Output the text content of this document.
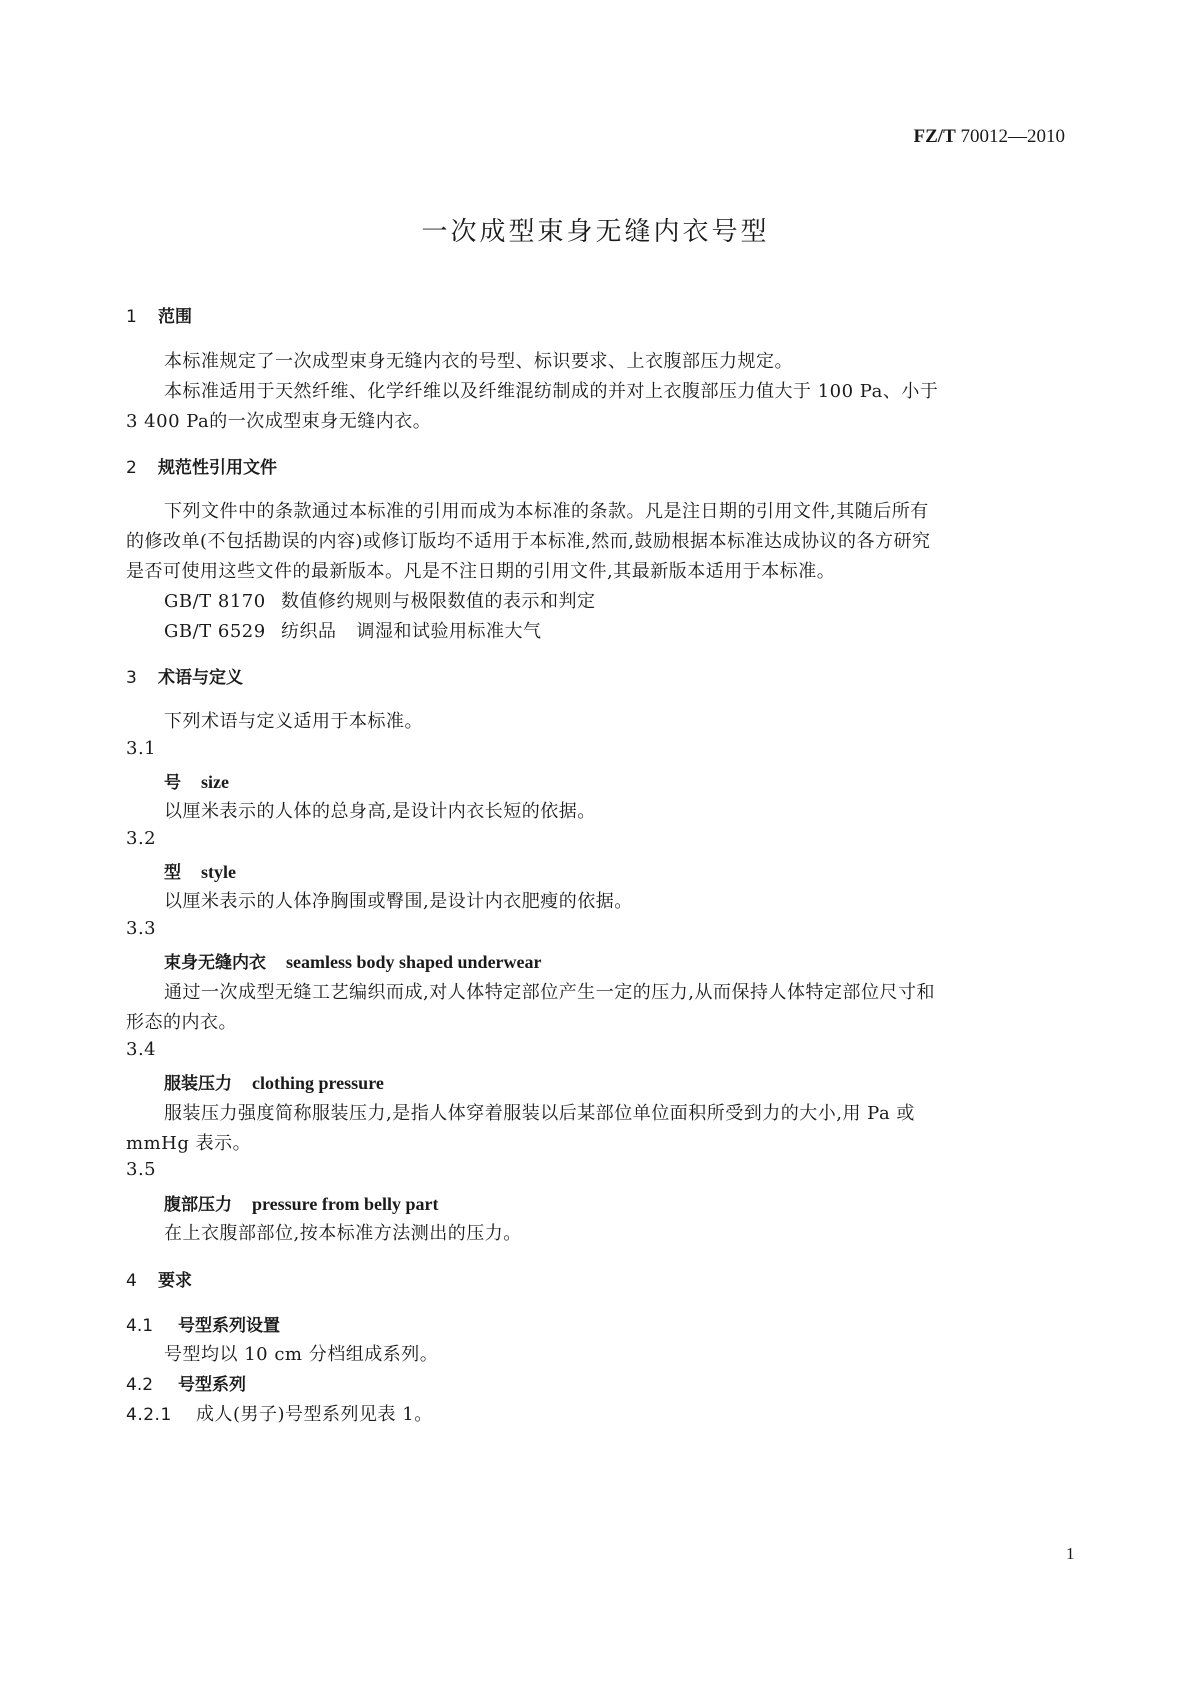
FZ/T 70012—2010
一次成型束身无缝内衣号型
1 范围
本标准规定了一次成型束身无缝内衣的号型、标识要求、上衣腹部压力规定。
本标准适用于天然纤维、化学纤维以及纤维混纺制成的并对上衣腹部压力值大于 100 Pa、小于
3 400 Pa的一次成型束身无缝内衣。
2 规范性引用文件
下列文件中的条款通过本标准的引用而成为本标准的条款。凡是注日期的引用文件,其随后所有
的修改单(不包括勘误的内容)或修订版均不适用于本标准,然而,鼓励根据本标准达成协议的各方研究
是否可使用这些文件的最新版本。凡是不注日期的引用文件,其最新版本适用于本标准。
GB/T 8170 数值修约规则与极限数值的表示和判定
GB/T 6529 纺织品 调湿和试验用标准大气
3 术语与定义
下列术语与定义适用于本标准。
3.1
号 size
以厘米表示的人体的总身高,是设计内衣长短的依据。
3.2
型 style
以厘米表示的人体净胸围或臀围,是设计内衣肥瘦的依据。
3.3
束身无缝内衣 seamless body shaped underwear
通过一次成型无缝工艺编织而成,对人体特定部位产生一定的压力,从而保持人体特定部位尺寸和
形态的内衣。
3.4
服装压力 clothing pressure
服装压力强度简称服装压力,是指人体穿着服装以后某部位单位面积所受到力的大小,用 Pa 或
mmHg 表示。
3.5
腹部压力 pressure from belly part
在上衣腹部部位,按本标准方法测出的压力。
4 要求
4.1 号型系列设置
号型均以 10 cm 分档组成系列。
4.2 号型系列
4.2.1 成人(男子)号型系列见表 1。
1
